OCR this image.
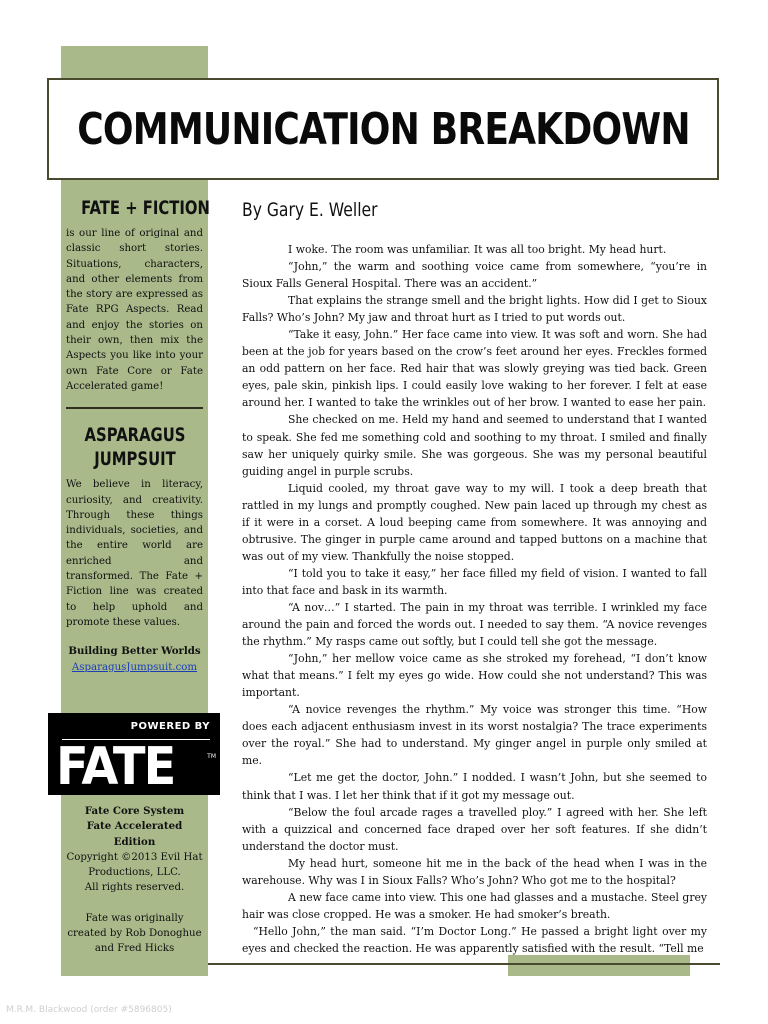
COMMUNICATION BREAKDOWN
FATE + FICTION

is our line of original and classic short stories. Situations, characters, and other elements from the story are expressed as Fate RPG Aspects. Read and enjoy the stories on their own, then mix the Aspects you like into your own Fate Core or Fate Accelerated game!

ASPARAGUS JUMPSUIT

We believe in literacy, curiosity, and creativity. Through these things individuals, societies, and the entire world are enriched and transformed. The Fate + Fiction line was created to help uphold and promote these values.

Building Better Worlds
AsparagusJumpsuit.com
POWERED BY
FATE	TM
Fate Core System
Fate Accelerated Edition
Copyright ©2013 Evil Hat Productions, LLC.
All rights reserved.
Fate was originally created by Rob Donoghue and Fred Hicks
By Gary E. Weller

I woke. The room was unfamiliar. It was all too bright. My head hurt.

“John,” the warm and soothing voice came from somewhere, “you’re in Sioux Falls General Hospital. There was an accident.”

That explains the strange smell and the bright lights. How did I get to Sioux Falls? Who’s John? My jaw and throat hurt as I tried to put words out.

“Take it easy, John.” Her face came into view. It was soft and worn. She had been at the job for years based on the crow’s feet around her eyes. Freckles formed an odd pattern on her face. Red hair that was slowly greying was tied back. Green eyes, pale skin, pinkish lips. I could easily love waking to her forever. I felt at ease around her. I wanted to take the wrinkles out of her brow. I wanted to ease her pain.

She checked on me. Held my hand and seemed to understand that I wanted to speak. She fed me something cold and soothing to my throat. I smiled and finally saw her uniquely quirky smile. She was gorgeous. She was my personal beautiful guiding angel in purple scrubs.

Liquid cooled, my throat gave way to my will. I took a deep breath that rattled in my lungs and promptly coughed. New pain laced up through my chest as if it were in a corset. A loud beeping came from somewhere. It was annoying and obtrusive. The ginger in purple came around and tapped buttons on a machine that was out of my view. Thankfully the noise stopped.

“I told you to take it easy,” her face filled my field of vision. I wanted to fall into that face and bask in its warmth.

“A nov…” I started. The pain in my throat was terrible. I wrinkled my face around the pain and forced the words out. I needed to say them. “A novice revenges the rhythm.” My rasps came out softly, but I could tell she got the message.

“John,” her mellow voice came as she stroked my forehead, “I don’t know what that means.” I felt my eyes go wide. How could she not understand? This was important.

“A novice revenges the rhythm.” My voice was stronger this time. “How does each adjacent enthusiasm invest in its worst nostalgia? The trace experiments over the royal.” She had to understand. My ginger angel in purple only smiled at me.

“Let me get the doctor, John.” I nodded. I wasn’t John, but she seemed to think that I was. I let her think that if it got my message out.

“Below the foul arcade rages a travelled ploy.” I agreed with her. She left with a quizzical and concerned face draped over her soft features. If she didn’t understand the doctor must.

My head hurt, someone hit me in the back of the head when I was in the warehouse. Why was I in Sioux Falls? Who’s John? Who got me to the hospital?

A new face came into view. This one had glasses and a mustache. Steel grey hair was close cropped. He was a smoker. He had smoker’s breath.

“Hello John,” the man said. “I’m Doctor Long.” He passed a bright light over my eyes and checked the reaction. He was apparently satisfied with the result. “Tell me

M.R.M. Blackwood (order #5896805)
